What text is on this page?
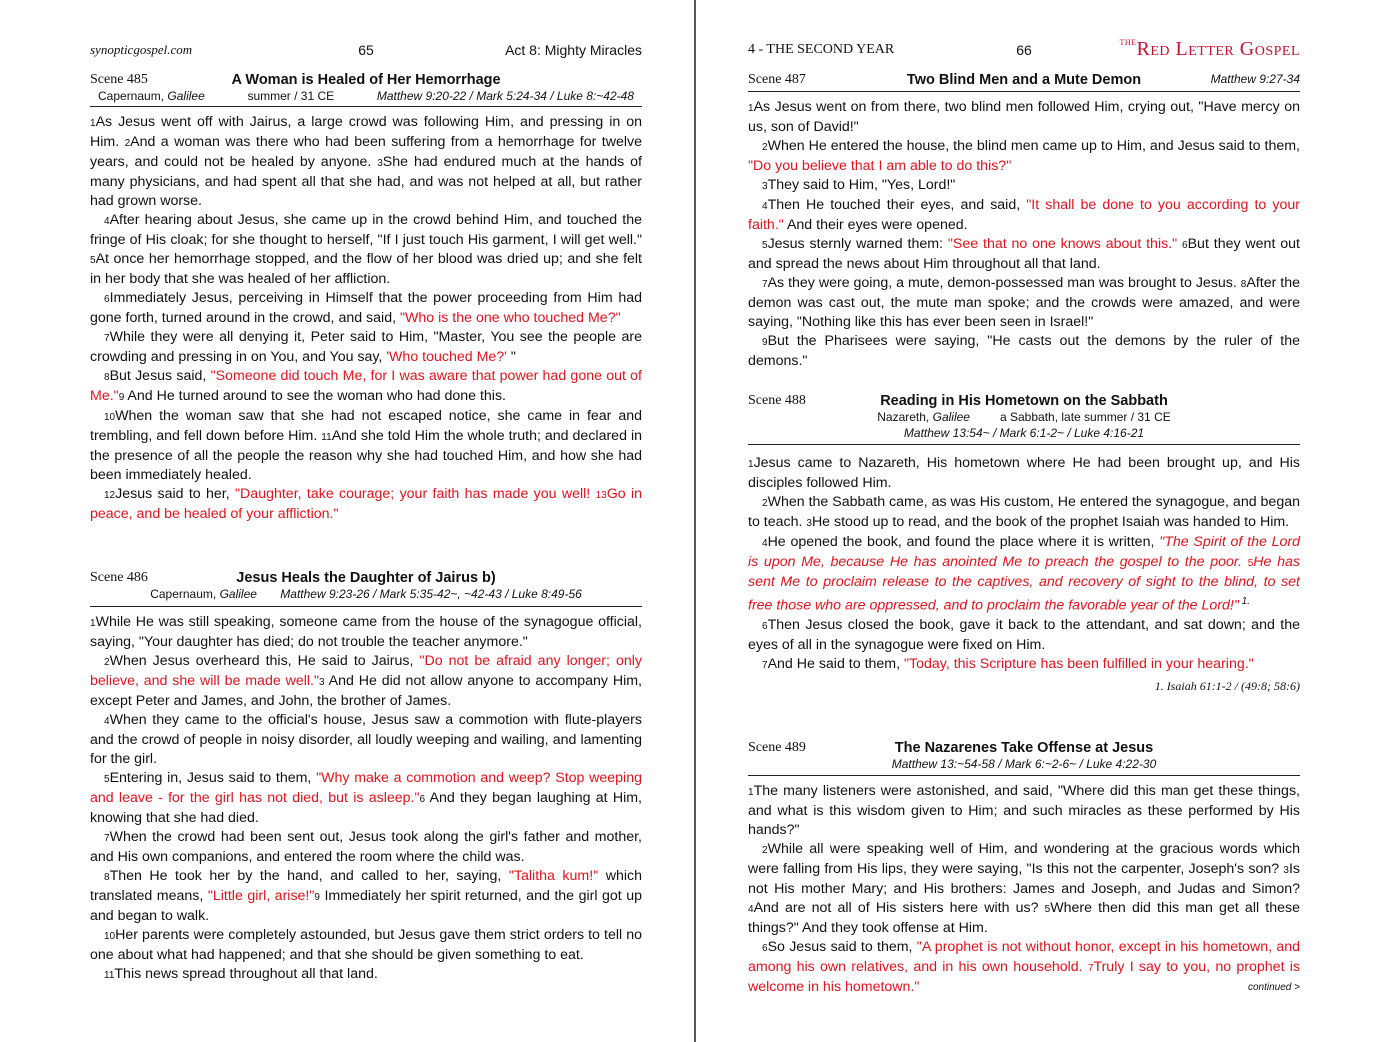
synopticgospel.com	65	Act 8: Mighty Miracles
Scene 485	A Woman is Healed of Her Hemorrhage
Capernaum, Galilee	summer / 31 CE	Matthew 9:20-22 / Mark 5:24-34 / Luke 8:~42-48

1As Jesus went off with Jairus, a large crowd was following Him, and pressing in on Him. 2And a woman was there who had been suffering from a hemorrhage for twelve years, and could not be healed by anyone. 3She had endured much at the hands of many physicians, and had spent all that she had, and was not helped at all, but rather had grown worse.

4After hearing about Jesus, she came up in the crowd behind Him, and touched the fringe of His cloak; for she thought to herself, "If I just touch His garment, I will get well." 5At once her hemorrhage stopped, and the flow of her blood was dried up; and she felt in her body that she was healed of her affliction.

6Immediately Jesus, perceiving in Himself that the power proceeding from Him had gone forth, turned around in the crowd, and said, "Who is the one who touched Me?"

7While they were all denying it, Peter said to Him, "Master, You see the people are crowding and pressing in on You, and You say, 'Who touched Me?' "

8But Jesus said, "Someone did touch Me, for I was aware that power had gone out of Me."9 And He turned around to see the woman who had done this.

10When the woman saw that she had not escaped notice, she came in fear and trembling, and fell down before Him. 11And she told Him the whole truth; and declared in the presence of all the people the reason why she had touched Him, and how she had been immediately healed.

12Jesus said to her, "Daughter, take courage; your faith has made you well! 13Go in peace, and be healed of your affliction."

Scene 486	Jesus Heals the Daughter of Jairus b)
Capernaum, Galilee Matthew 9:23-26 / Mark 5:35-42~, ~42-43 / Luke 8:49-56

1While He was still speaking, someone came from the house of the synagogue official, saying, "Your daughter has died; do not trouble the teacher anymore."

2When Jesus overheard this, He said to Jairus, "Do not be afraid any longer; only believe, and she will be made well."3 And He did not allow anyone to accompany Him, except Peter and James, and John, the brother of James.

4When they came to the official's house, Jesus saw a commotion with flute-players and the crowd of people in noisy disorder, all loudly weeping and wailing, and lamenting for the girl.

5Entering in, Jesus said to them, "Why make a commotion and weep? Stop weeping and leave - for the girl has not died, but is asleep."6 And they began laughing at Him, knowing that she had died.

7When the crowd had been sent out, Jesus took along the girl's father and mother, and His own companions, and entered the room where the child was.

8Then He took her by the hand, and called to her, saying, "Talitha kum!" which translated means, "Little girl, arise!"9 Immediately her spirit returned, and the girl got up and began to walk.

10Her parents were completely astounded, but Jesus gave them strict orders to tell no one about what had happened; and that she should be given something to eat.

11This news spread throughout all that land.

4 - THE SECOND YEAR	66	$^{THE}$Red Letter Gospel
Scene 487	Two Blind Men and a Mute Demon	Matthew 9:27-34

1As Jesus went on from there, two blind men followed Him, crying out, "Have mercy on us, son of David!"

2When He entered the house, the blind men came up to Him, and Jesus said to them, "Do you believe that I am able to do this?"

3They said to Him, "Yes, Lord!"

4Then He touched their eyes, and said, "It shall be done to you according to your faith." And their eyes were opened.

5Jesus sternly warned them: "See that no one knows about this." 6But they went out and spread the news about Him throughout all that land.

7As they were going, a mute, demon-possessed man was brought to Jesus. 8After the demon was cast out, the mute man spoke; and the crowds were amazed, and were saying, "Nothing like this has ever been seen in Israel!"

9But the Pharisees were saying, "He casts out the demons by the ruler of the demons."

Scene 488	Reading in His Hometown on the Sabbath
Nazareth, Galilee	a Sabbath, late summer / 31 CE
Matthew 13:54~ / Mark 6:1-2~ / Luke 4:16-21

1Jesus came to Nazareth, His hometown where He had been brought up, and His disciples followed Him.

2When the Sabbath came, as was His custom, He entered the synagogue, and began to teach. 3He stood up to read, and the book of the prophet Isaiah was handed to Him.

4He opened the book, and found the place where it is written, "The Spirit of the Lord is upon Me, because He has anointed Me to preach the gospel to the poor. 5He has sent Me to proclaim release to the captives, and recovery of sight to the blind, to set free those who are oppressed, and to proclaim the favorable year of the Lord!" $^{1.}$

6Then Jesus closed the book, gave it back to the attendant, and sat down; and the eyes of all in the synagogue were fixed on Him.

7And He said to them, "Today, this Scripture has been fulfilled in your hearing."

1. Isaiah 61:1-2 / (49:8; 58:6)
Scene 489	The Nazarenes Take Offense at Jesus
Matthew 13:~54-58 / Mark 6:~2-6~ / Luke 4:22-30

1The many listeners were astonished, and said, "Where did this man get these things, and what is this wisdom given to Him; and such miracles as these performed by His hands?"

2While all were speaking well of Him, and wondering at the gracious words which were falling from His lips, they were saying, "Is this not the carpenter, Joseph's son? 3Is not His mother Mary; and His brothers: James and Joseph, and Judas and Simon? 4And are not all of His sisters here with us? 5Where then did this man get all these things?" And they took offense at Him.

6So Jesus said to them, "A prophet is not without honor, except in his hometown, and among his own relatives, and in his own household. 7Truly I say to you, no prophet is welcome in his hometown."	continued >
